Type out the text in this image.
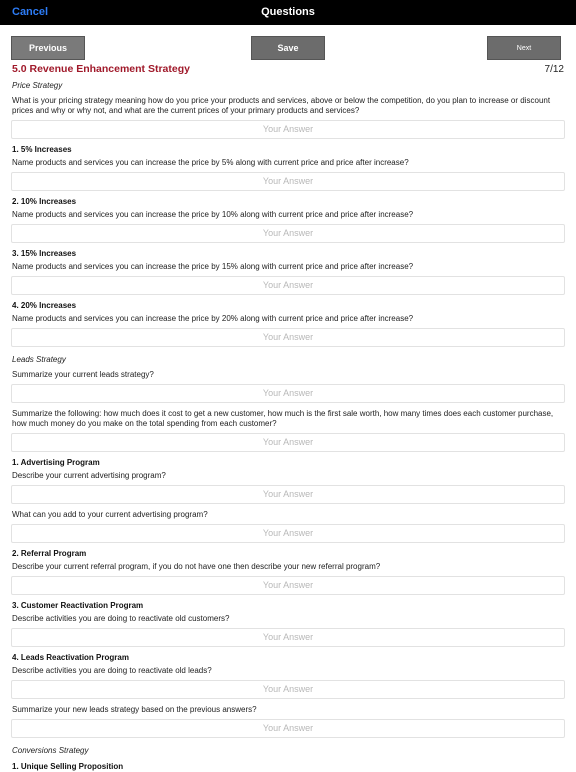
Cancel	Questions
Previous	Save	Next
5.0 Revenue Enhancement Strategy	7/12
Price Strategy
What is your pricing strategy meaning how do you price your products and services, above or below the competition, do you plan to increase or discount prices and why or why not, and what are the current prices of your primary products and services?
Your Answer
1. 5% Increases
Name products and services you can increase the price by 5% along with current price and price after increase?
Your Answer
2. 10% Increases
Name products and services you can increase the price by 10% along with current price and price after increase?
Your Answer
3. 15% Increases
Name products and services you can increase the price by 15% along with current price and price after increase?
Your Answer
4. 20% Increases
Name products and services you can increase the price by 20% along with current price and price after increase?
Your Answer
Leads Strategy
Summarize your current leads strategy?
Your Answer
Summarize the following: how much does it cost to get a new customer, how much is the first sale worth, how many times does each customer purchase, how much money do you make on the total spending from each customer?
Your Answer
1. Advertising Program
Describe your current advertising program?
Your Answer
What can you add to your current advertising program?
Your Answer
2. Referral Program
Describe your current referral program, if you do not have one then describe your new referral program?
Your Answer
3. Customer Reactivation Program
Describe activities you are doing to reactivate old customers?
Your Answer
4. Leads Reactivation Program
Describe activities you are doing to reactivate old leads?
Your Answer
Summarize your new leads strategy based on the previous answers?
Your Answer
Conversions Strategy
1. Unique Selling Proposition
